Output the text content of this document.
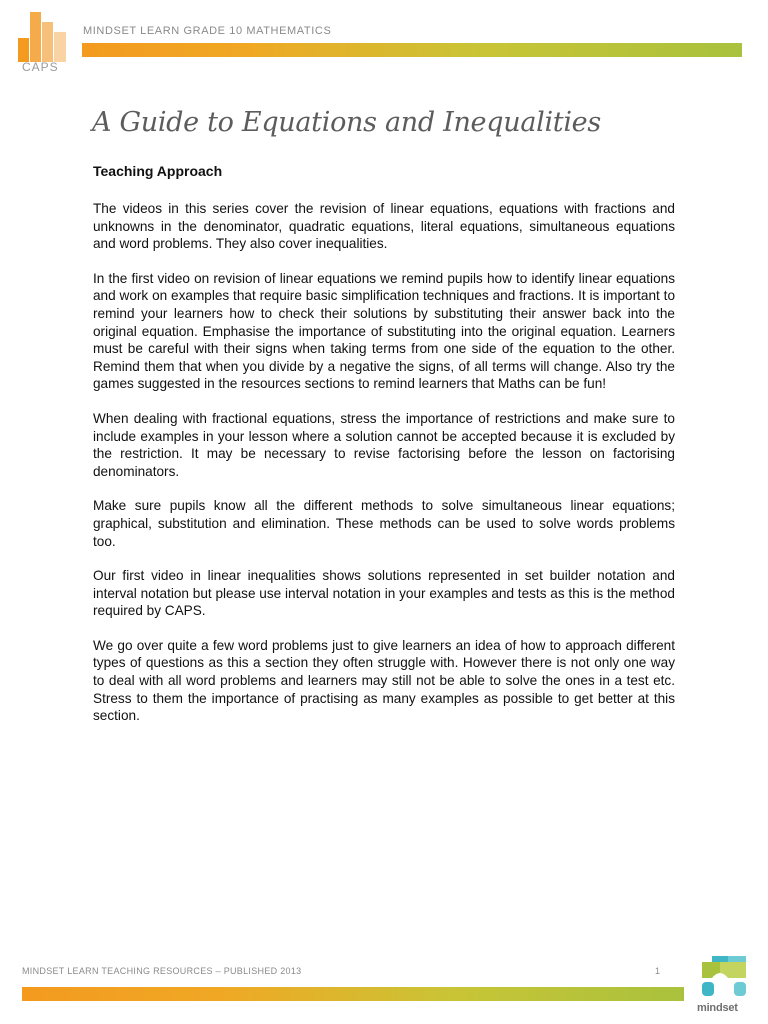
CAPS
MINDSET LEARN GRADE 10 MATHEMATICS
A Guide to Equations and Inequalities
Teaching Approach

The videos in this series cover the revision of linear equations, equations with fractions and unknowns in the denominator, quadratic equations, literal equations, simultaneous equations and word problems. They also cover inequalities.

In the first video on revision of linear equations we remind pupils how to identify linear equations and work on examples that require basic simplification techniques and fractions. It is important to remind your learners how to check their solutions by substituting their answer back into the original equation. Emphasise the importance of substituting into the original equation. Learners must be careful with their signs when taking terms from one side of the equation to the other. Remind them that when you divide by a negative the signs, of all terms will change. Also try the games suggested in the resources sections to remind learners that Maths can be fun!

When dealing with fractional equations, stress the importance of restrictions and make sure to include examples in your lesson where a solution cannot be accepted because it is excluded by the restriction. It may be necessary to revise factorising before the lesson on factorising denominators.

Make sure pupils know all the different methods to solve simultaneous linear equations; graphical, substitution and elimination. These methods can be used to solve words problems too.

Our first video in linear inequalities shows solutions represented in set builder notation and interval notation but please use interval notation in your examples and tests as this is the method required by CAPS.

We go over quite a few word problems just to give learners an idea of how to approach different types of questions as this a section they often struggle with. However there is not only one way to deal with all word problems and learners may still not be able to solve the ones in a test etc. Stress to them the importance of practising as many examples as possible to get better at this section.

MINDSET LEARN TEACHING RESOURCES – PUBLISHED 2013	1
mindset
